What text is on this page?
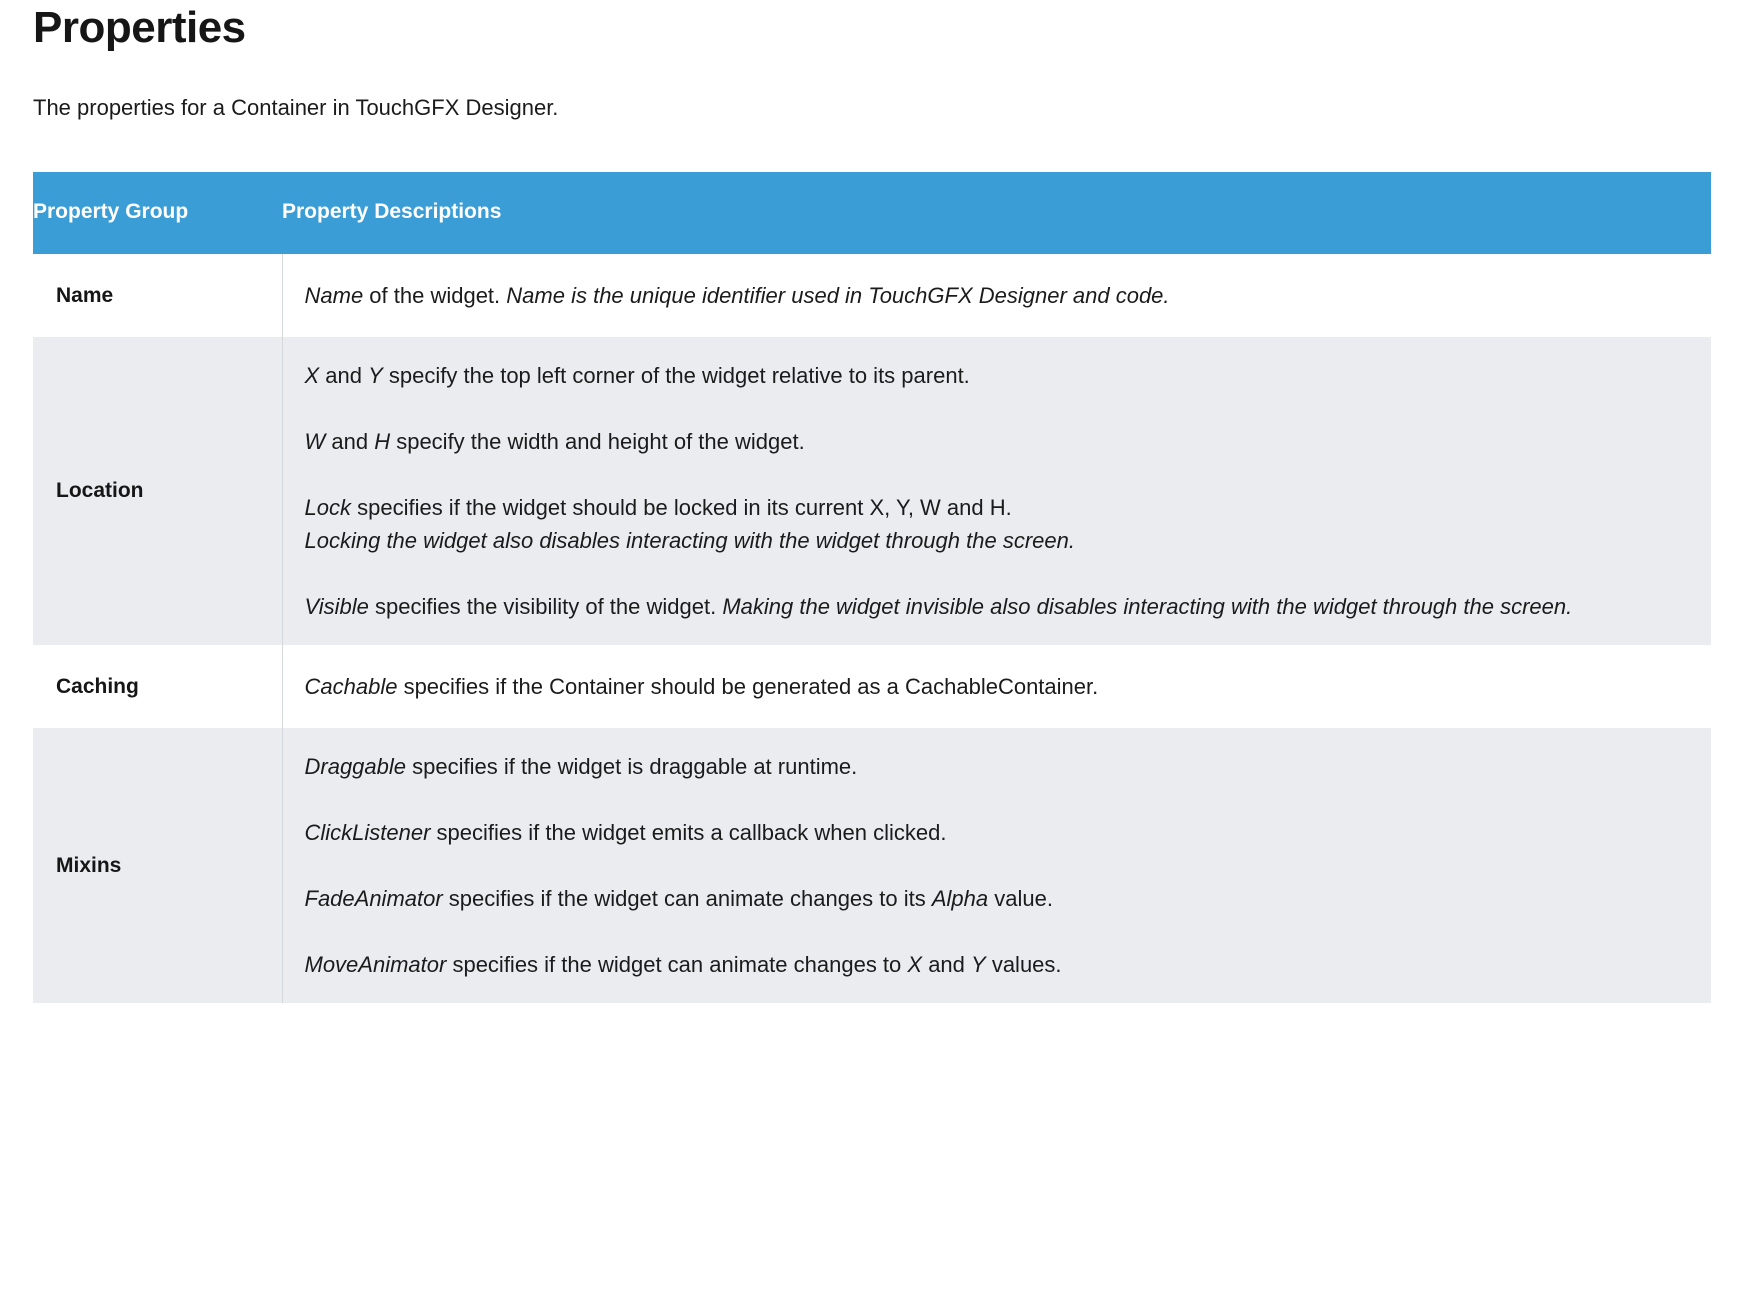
Properties

The properties for a Container in TouchGFX Designer.

Property Group	Property Descriptions
Name	Name of the widget. Name is the unique identifier used in TouchGFX Designer and code.

Location	X and Y specify the top left corner of the widget relative to its parent.

W and H specify the width and height of the widget.

Lock specifies if the widget should be locked in its current X, Y, W and H.
Locking the widget also disables interacting with the widget through the screen.

Visible specifies the visibility of the widget. Making the widget invisible also disables interacting with the widget through the screen.

Caching	Cachable specifies if the Container should be generated as a CachableContainer.

Mixins	Draggable specifies if the widget is draggable at runtime.

ClickListener specifies if the widget emits a callback when clicked.

FadeAnimator specifies if the widget can animate changes to its Alpha value.

MoveAnimator specifies if the widget can animate changes to X and Y values.
